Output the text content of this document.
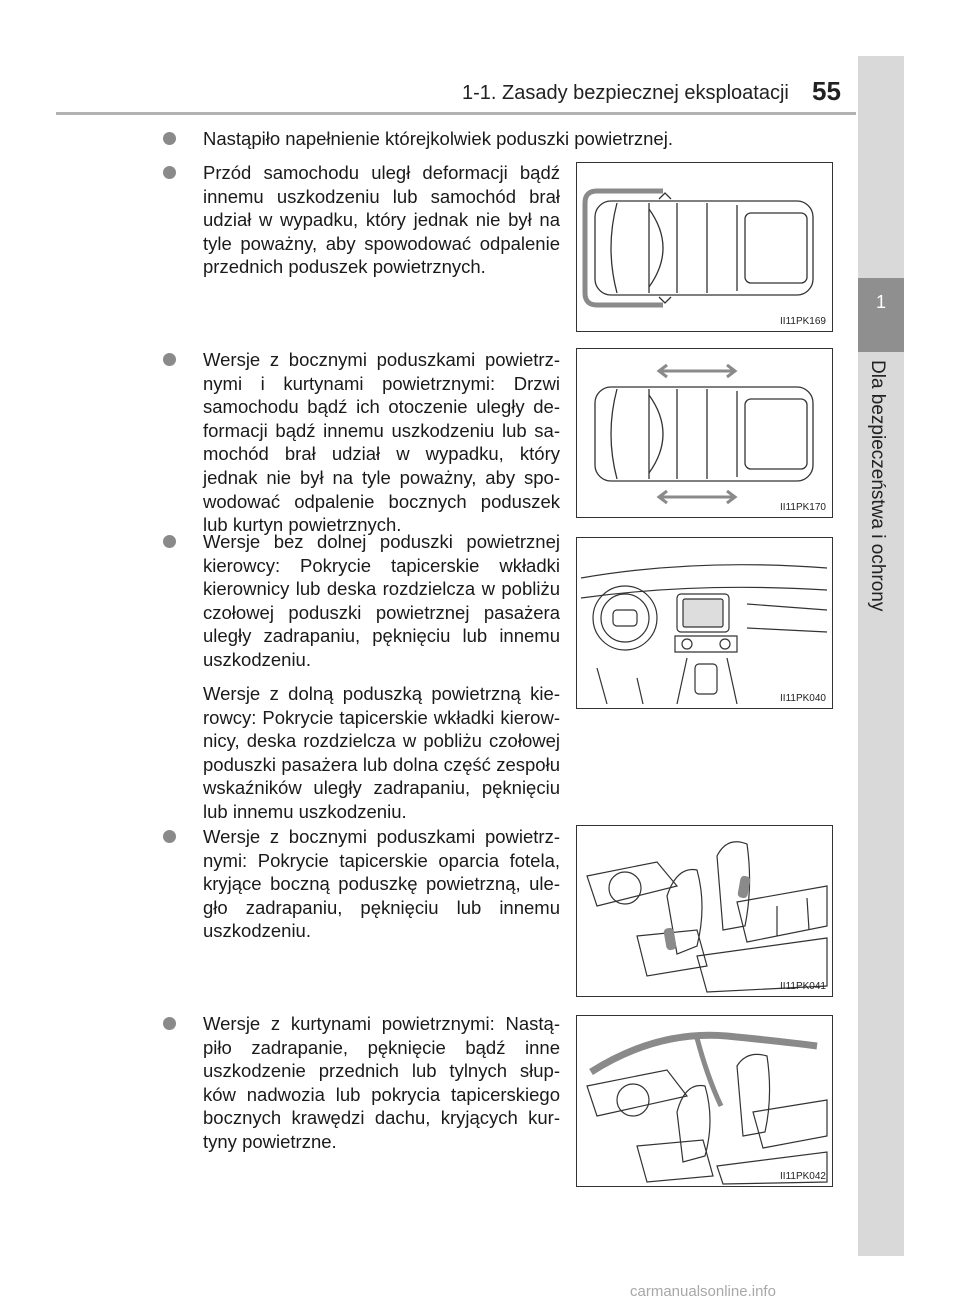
1-1. Zasady bezpiecznej eksploatacji 55
1
Dla bezpieczeństwa i ochrony
Nastąpiło napełnienie którejkolwiek poduszki powietrznej.

Przód samochodu uległ deformacji bądź innemu uszkodzeniu lub samochód brał udział w wypadku, który jednak nie był na tyle poważny, aby spowodować odpalenie przednich poduszek powietrznych.

Wersje z bocznymi poduszkami powietrz- nymi i kurtynami powietrznymi: Drzwi samochodu bądź ich otoczenie uległy de- formacji bądź innemu uszkodzeniu lub sa- mochód brał udział w wypadku, który jednak nie był na tyle poważny, aby spo- wodować odpalenie bocznych poduszek lub kurtyn powietrznych.

Wersje bez dolnej poduszki powietrznej kierowcy: Pokrycie tapicerskie wkładki kierownicy lub deska rozdzielcza w pobliżu czołowej poduszki powietrznej pasażera uległy zadrapaniu, pęknięciu lub innemu uszkodzeniu.

Wersje z dolną poduszką powietrzną kie- rowcy: Pokrycie tapicerskie wkładki kierow- nicy, deska rozdzielcza w pobliżu czołowej poduszki pasażera lub dolna część zespołu wskaźników uległy zadrapaniu, pęknięciu lub innemu uszkodzeniu.

Wersje z bocznymi poduszkami powietrz- nymi: Pokrycie tapicerskie oparcia fotela, kryjące boczną poduszkę powietrzną, ule- gło zadrapaniu, pęknięciu lub innemu uszkodzeniu.

Wersje z kurtynami powietrznymi: Nastą- piło zadrapanie, pęknięcie bądź inne uszkodzenie przednich lub tylnych słup- ków nadwozia lub pokrycia tapicerskiego bocznych krawędzi dachu, kryjących kur- tyny powietrzne.

II11PK169
II11PK170
II11PK040
II11PK041
II11PK042
carmanualsonline.info
